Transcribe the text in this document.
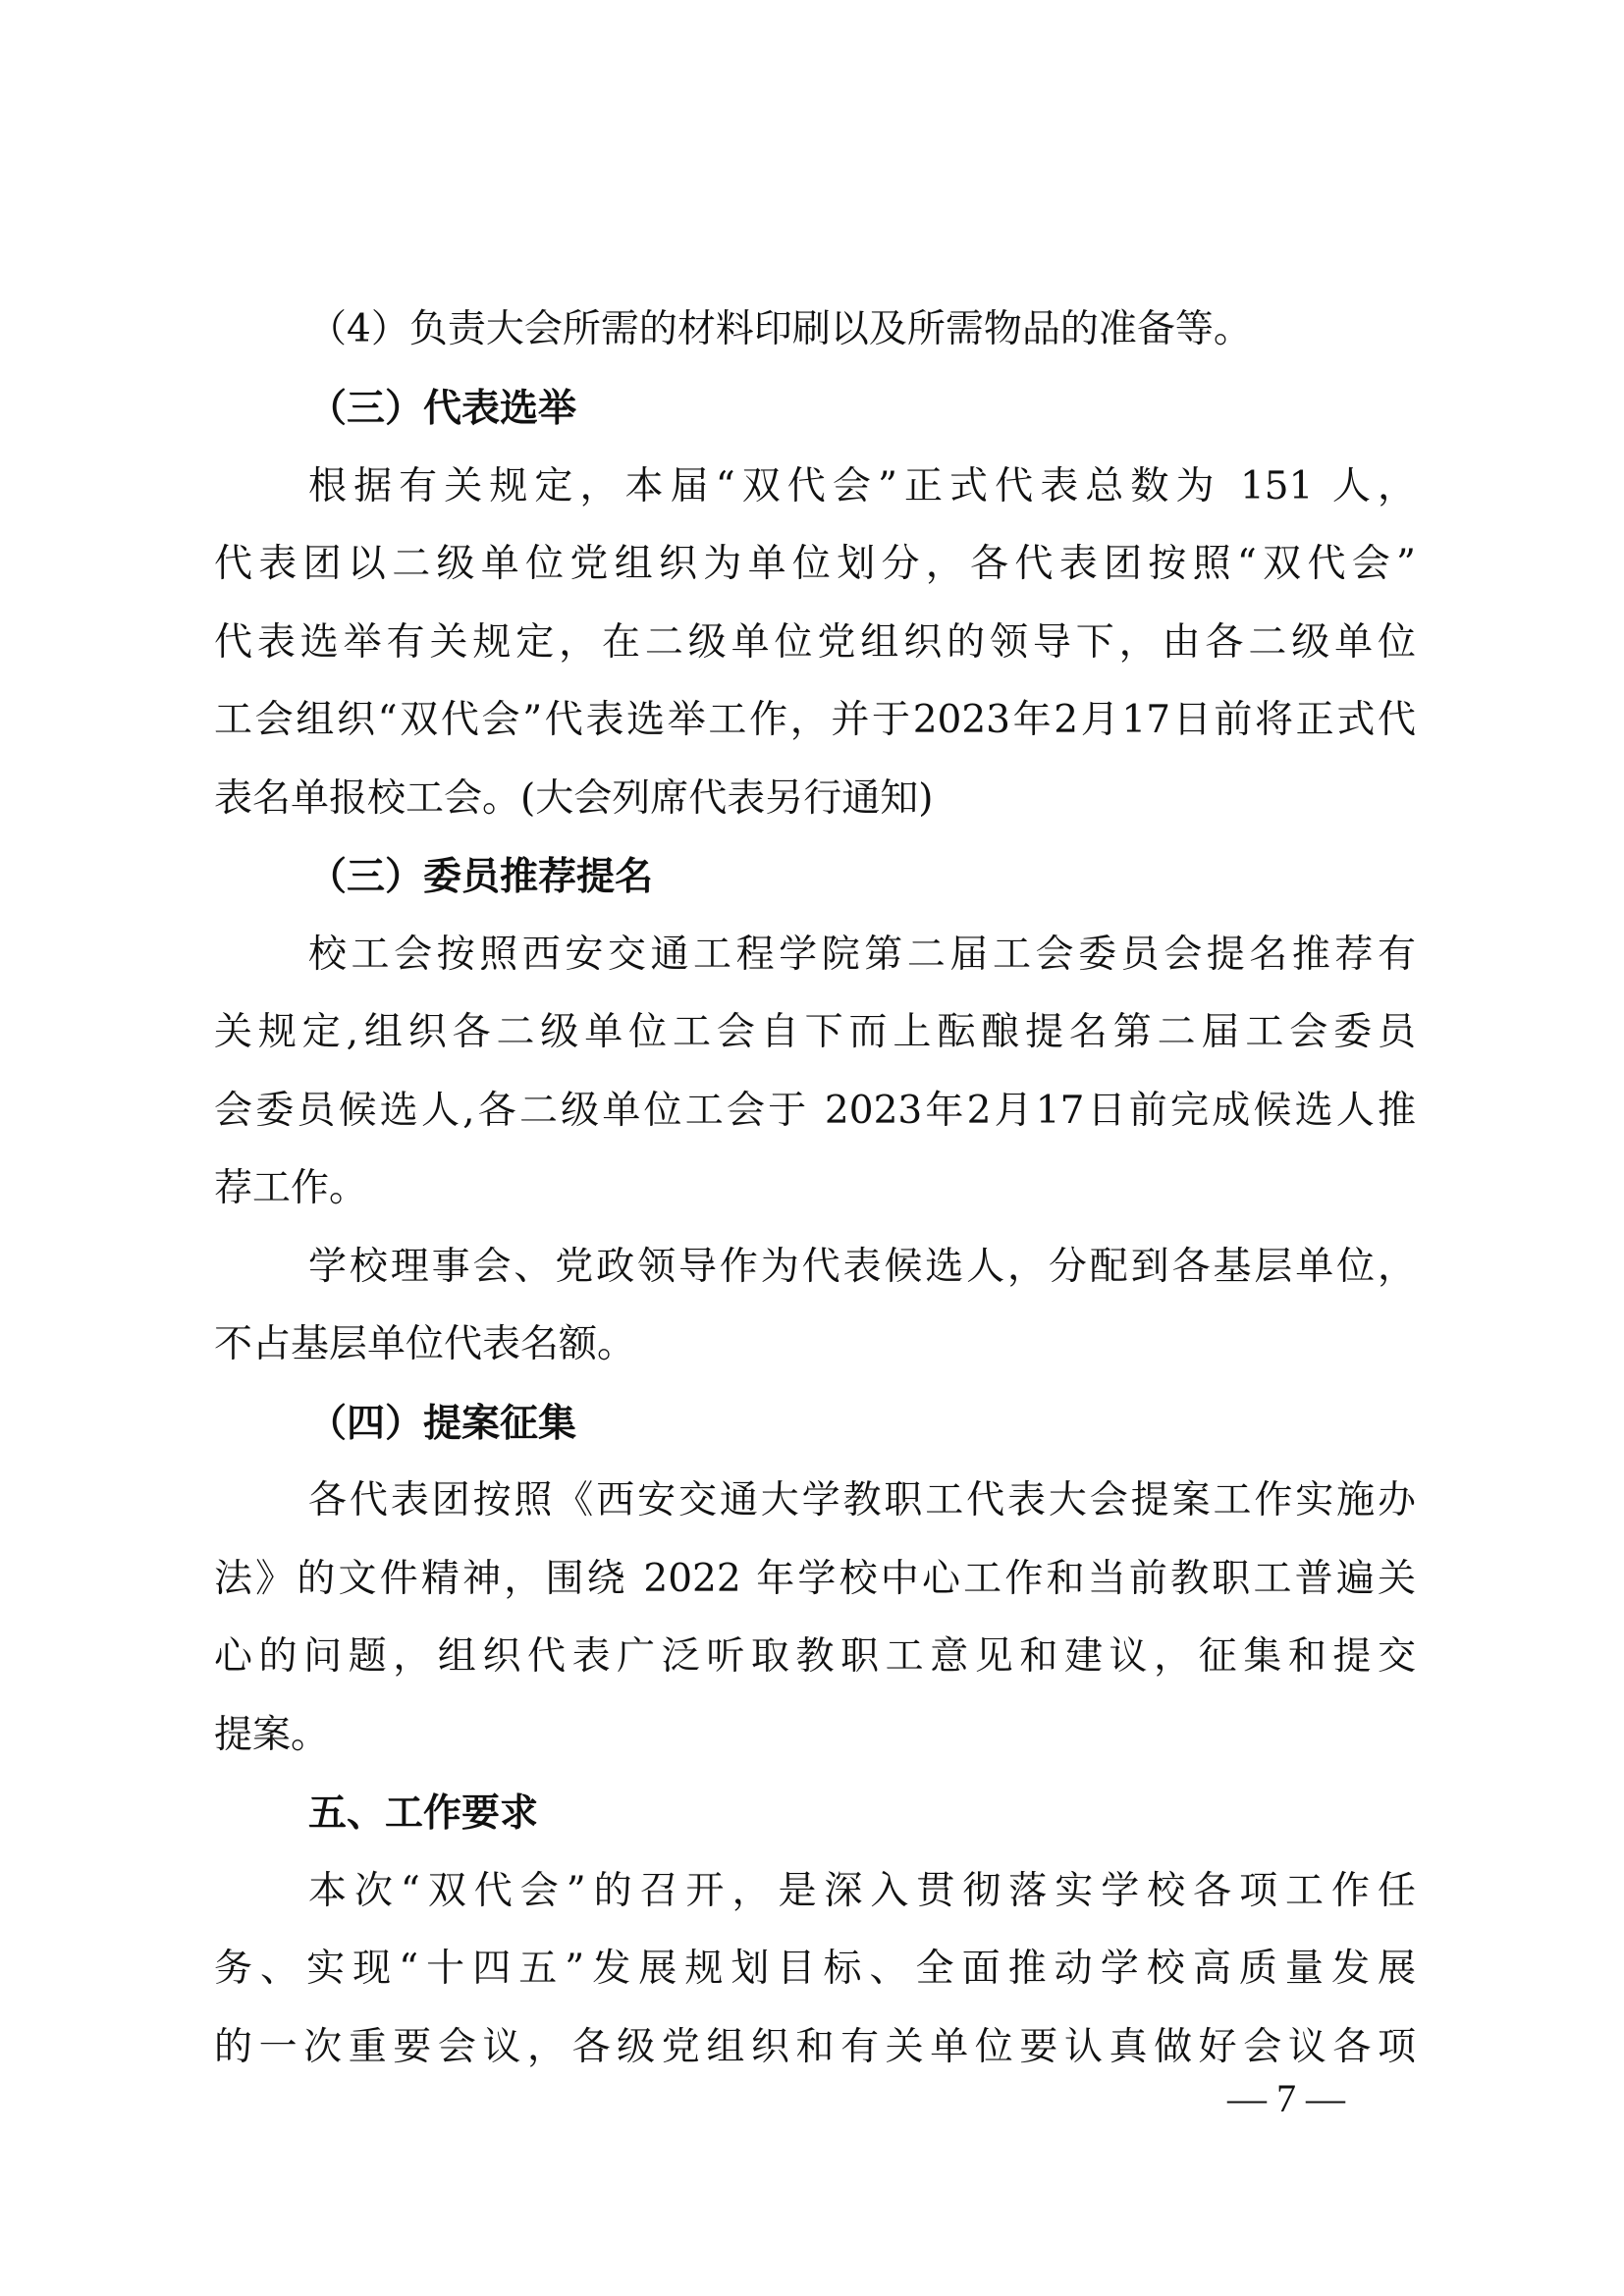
（4）负责大会所需的材料印刷以及所需物品的准备等。
（三）代表选举
根据有关规定，本届“双代会”正式代表总数为 151 人，
代表团以二级单位党组织为单位划分，各代表团按照“双代会”
代表选举有关规定，在二级单位党组织的领导下，由各二级单位
工会组织“双代会”代表选举工作，并于2023年2月17日前将正式代
表名单报校工会。(大会列席代表另行通知)
（三）委员推荐提名
校工会按照西安交通工程学院第二届工会委员会提名推荐有
关规定,组织各二级单位工会自下而上酝酿提名第二届工会委员
会委员候选人,各二级单位工会于 2023年2月17日前完成候选人推
荐工作。
学校理事会、党政领导作为代表候选人，分配到各基层单位，
不占基层单位代表名额。
（四）提案征集
各代表团按照《西安交通大学教职工代表大会提案工作实施办
法》的文件精神，围绕 2022 年学校中心工作和当前教职工普遍关
心的问题，组织代表广泛听取教职工意见和建议，征集和提交
提案。
五、工作要求
本次“双代会”的召开，是深入贯彻落实学校各项工作任
务、实现“十四五”发展规划目标、全面推动学校高质量发展
的一次重要会议，各级党组织和有关单位要认真做好会议各项
— 7 —
